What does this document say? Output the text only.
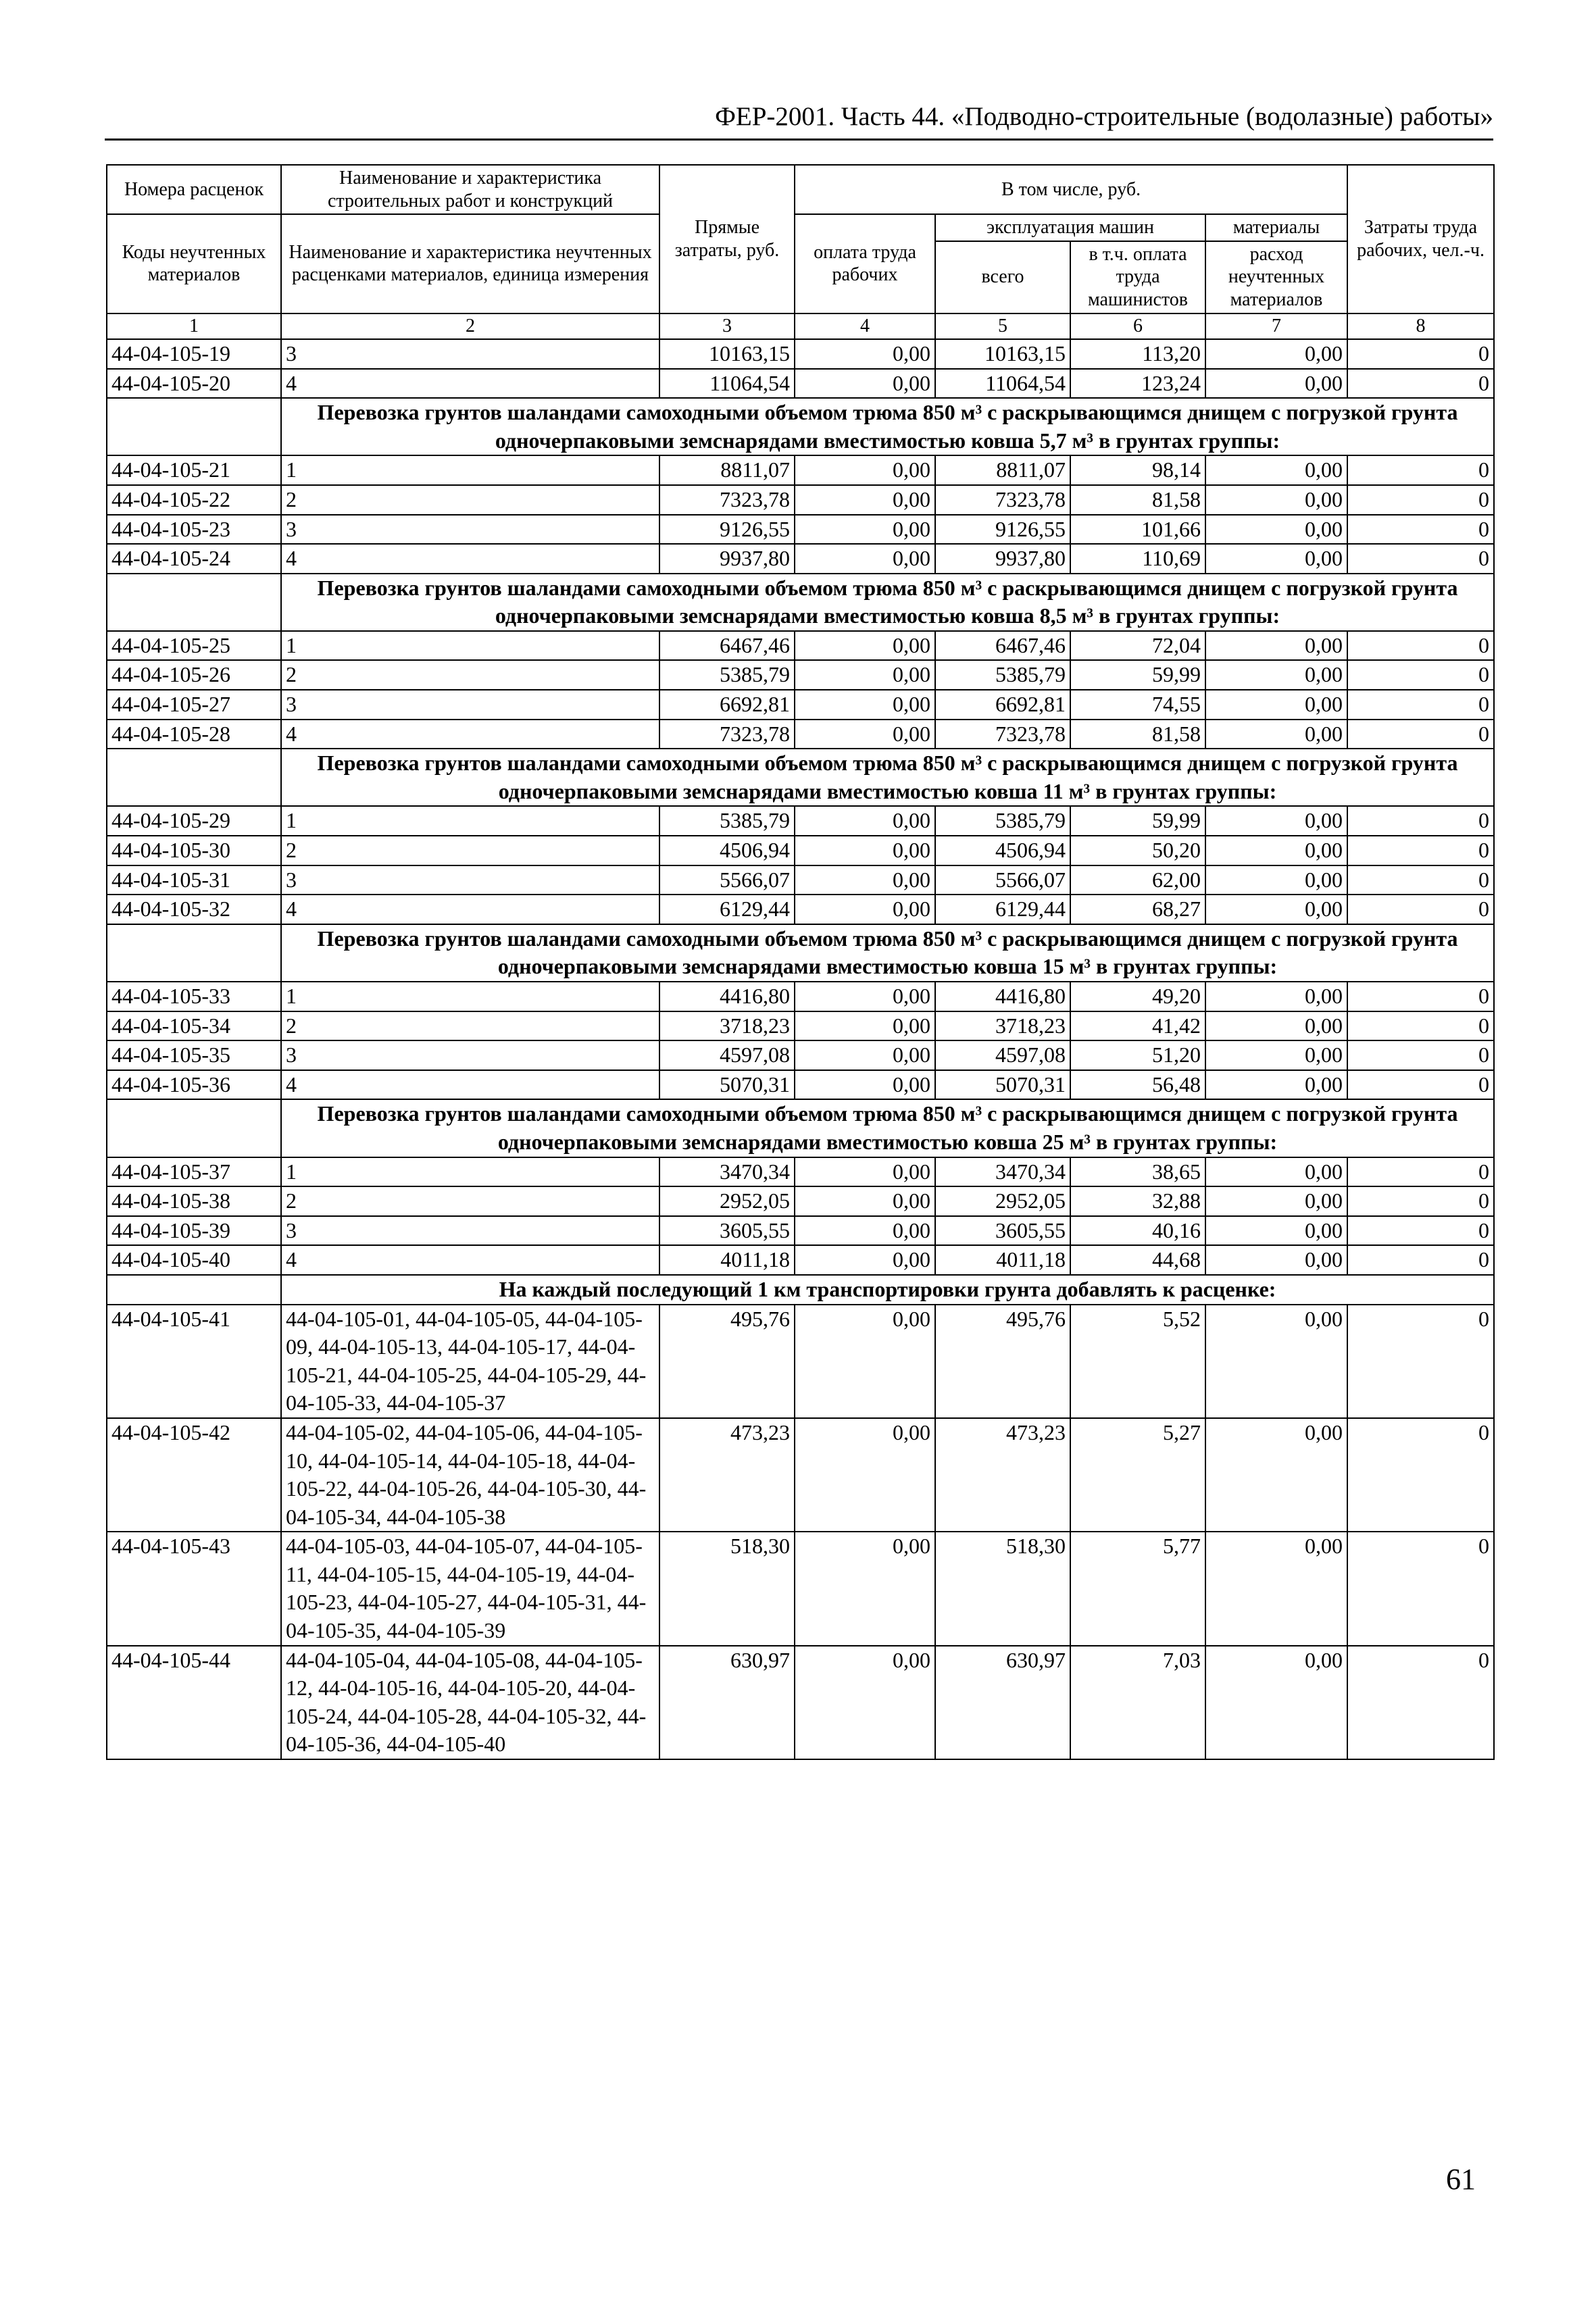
ФЕР-2001. Часть 44. «Подводно-строительные (водолазные) работы»
Номера расценок	Наименование и характеристика строительных работ и конструкций	Прямые затраты, руб.	В том числе, руб.				Затраты труда рабочих, чел.-ч.
Коды неучтенных материалов	Наименование и характеристика неучтенных расценками материалов, единица измерения		оплата труда рабочих	эксплуатация машин		материалы	
				всего	в т.ч. оплата труда машинистов	расход неучтенных материалов	

1	2	3	4	5	6	7	8
44-04-105-19	3	10163,15	0,00	10163,15	113,20	0,00	0
44-04-105-20	4	11064,54	0,00	11064,54	123,24	0,00	0
	Перевозка грунтов шаландами самоходными объемом трюма 850 м³ с раскрывающимся днищем с погрузкой грунта одночерпаковыми земснарядами вместимостью ковша 5,7 м³ в грунтах группы:						
44-04-105-21	1	8811,07	0,00	8811,07	98,14	0,00	0
44-04-105-22	2	7323,78	0,00	7323,78	81,58	0,00	0
44-04-105-23	3	9126,55	0,00	9126,55	101,66	0,00	0
44-04-105-24	4	9937,80	0,00	9937,80	110,69	0,00	0
	Перевозка грунтов шаландами самоходными объемом трюма 850 м³ с раскрывающимся днищем с погрузкой грунта одночерпаковыми земснарядами вместимостью ковша 8,5 м³ в грунтах группы:						
44-04-105-25	1	6467,46	0,00	6467,46	72,04	0,00	0
44-04-105-26	2	5385,79	0,00	5385,79	59,99	0,00	0
44-04-105-27	3	6692,81	0,00	6692,81	74,55	0,00	0
44-04-105-28	4	7323,78	0,00	7323,78	81,58	0,00	0
	Перевозка грунтов шаландами самоходными объемом трюма 850 м³ с раскрывающимся днищем с погрузкой грунта одночерпаковыми земснарядами вместимостью ковша 11 м³ в грунтах группы:						
44-04-105-29	1	5385,79	0,00	5385,79	59,99	0,00	0
44-04-105-30	2	4506,94	0,00	4506,94	50,20	0,00	0
44-04-105-31	3	5566,07	0,00	5566,07	62,00	0,00	0
44-04-105-32	4	6129,44	0,00	6129,44	68,27	0,00	0
	Перевозка грунтов шаландами самоходными объемом трюма 850 м³ с раскрывающимся днищем с погрузкой грунта одночерпаковыми земснарядами вместимостью ковша 15 м³ в грунтах группы:						
44-04-105-33	1	4416,80	0,00	4416,80	49,20	0,00	0
44-04-105-34	2	3718,23	0,00	3718,23	41,42	0,00	0
44-04-105-35	3	4597,08	0,00	4597,08	51,20	0,00	0
44-04-105-36	4	5070,31	0,00	5070,31	56,48	0,00	0
	Перевозка грунтов шаландами самоходными объемом трюма 850 м³ с раскрывающимся днищем с погрузкой грунта одночерпаковыми земснарядами вместимостью ковша 25 м³ в грунтах группы:						
44-04-105-37	1	3470,34	0,00	3470,34	38,65	0,00	0
44-04-105-38	2	2952,05	0,00	2952,05	32,88	0,00	0
44-04-105-39	3	3605,55	0,00	3605,55	40,16	0,00	0
44-04-105-40	4	4011,18	0,00	4011,18	44,68	0,00	0
	На каждый последующий 1 км транспортировки грунта добавлять к расценке:						
44-04-105-41	44-04-105-01, 44-04-105-05, 44-04-105-09, 44-04-105-13, 44-04-105-17, 44-04-105-21, 44-04-105-25, 44-04-105-29, 44-04-105-33, 44-04-105-37	495,76	0,00	495,76	5,52	0,00	0
44-04-105-42	44-04-105-02, 44-04-105-06, 44-04-105-10, 44-04-105-14, 44-04-105-18, 44-04-105-22, 44-04-105-26, 44-04-105-30, 44-04-105-34, 44-04-105-38	473,23	0,00	473,23	5,27	0,00	0
44-04-105-43	44-04-105-03, 44-04-105-07, 44-04-105-11, 44-04-105-15, 44-04-105-19, 44-04-105-23, 44-04-105-27, 44-04-105-31, 44-04-105-35, 44-04-105-39	518,30	0,00	518,30	5,77	0,00	0
44-04-105-44	44-04-105-04, 44-04-105-08, 44-04-105-12, 44-04-105-16, 44-04-105-20, 44-04-105-24, 44-04-105-28, 44-04-105-32, 44-04-105-36, 44-04-105-40	630,97	0,00	630,97	7,03	0,00	0
61
